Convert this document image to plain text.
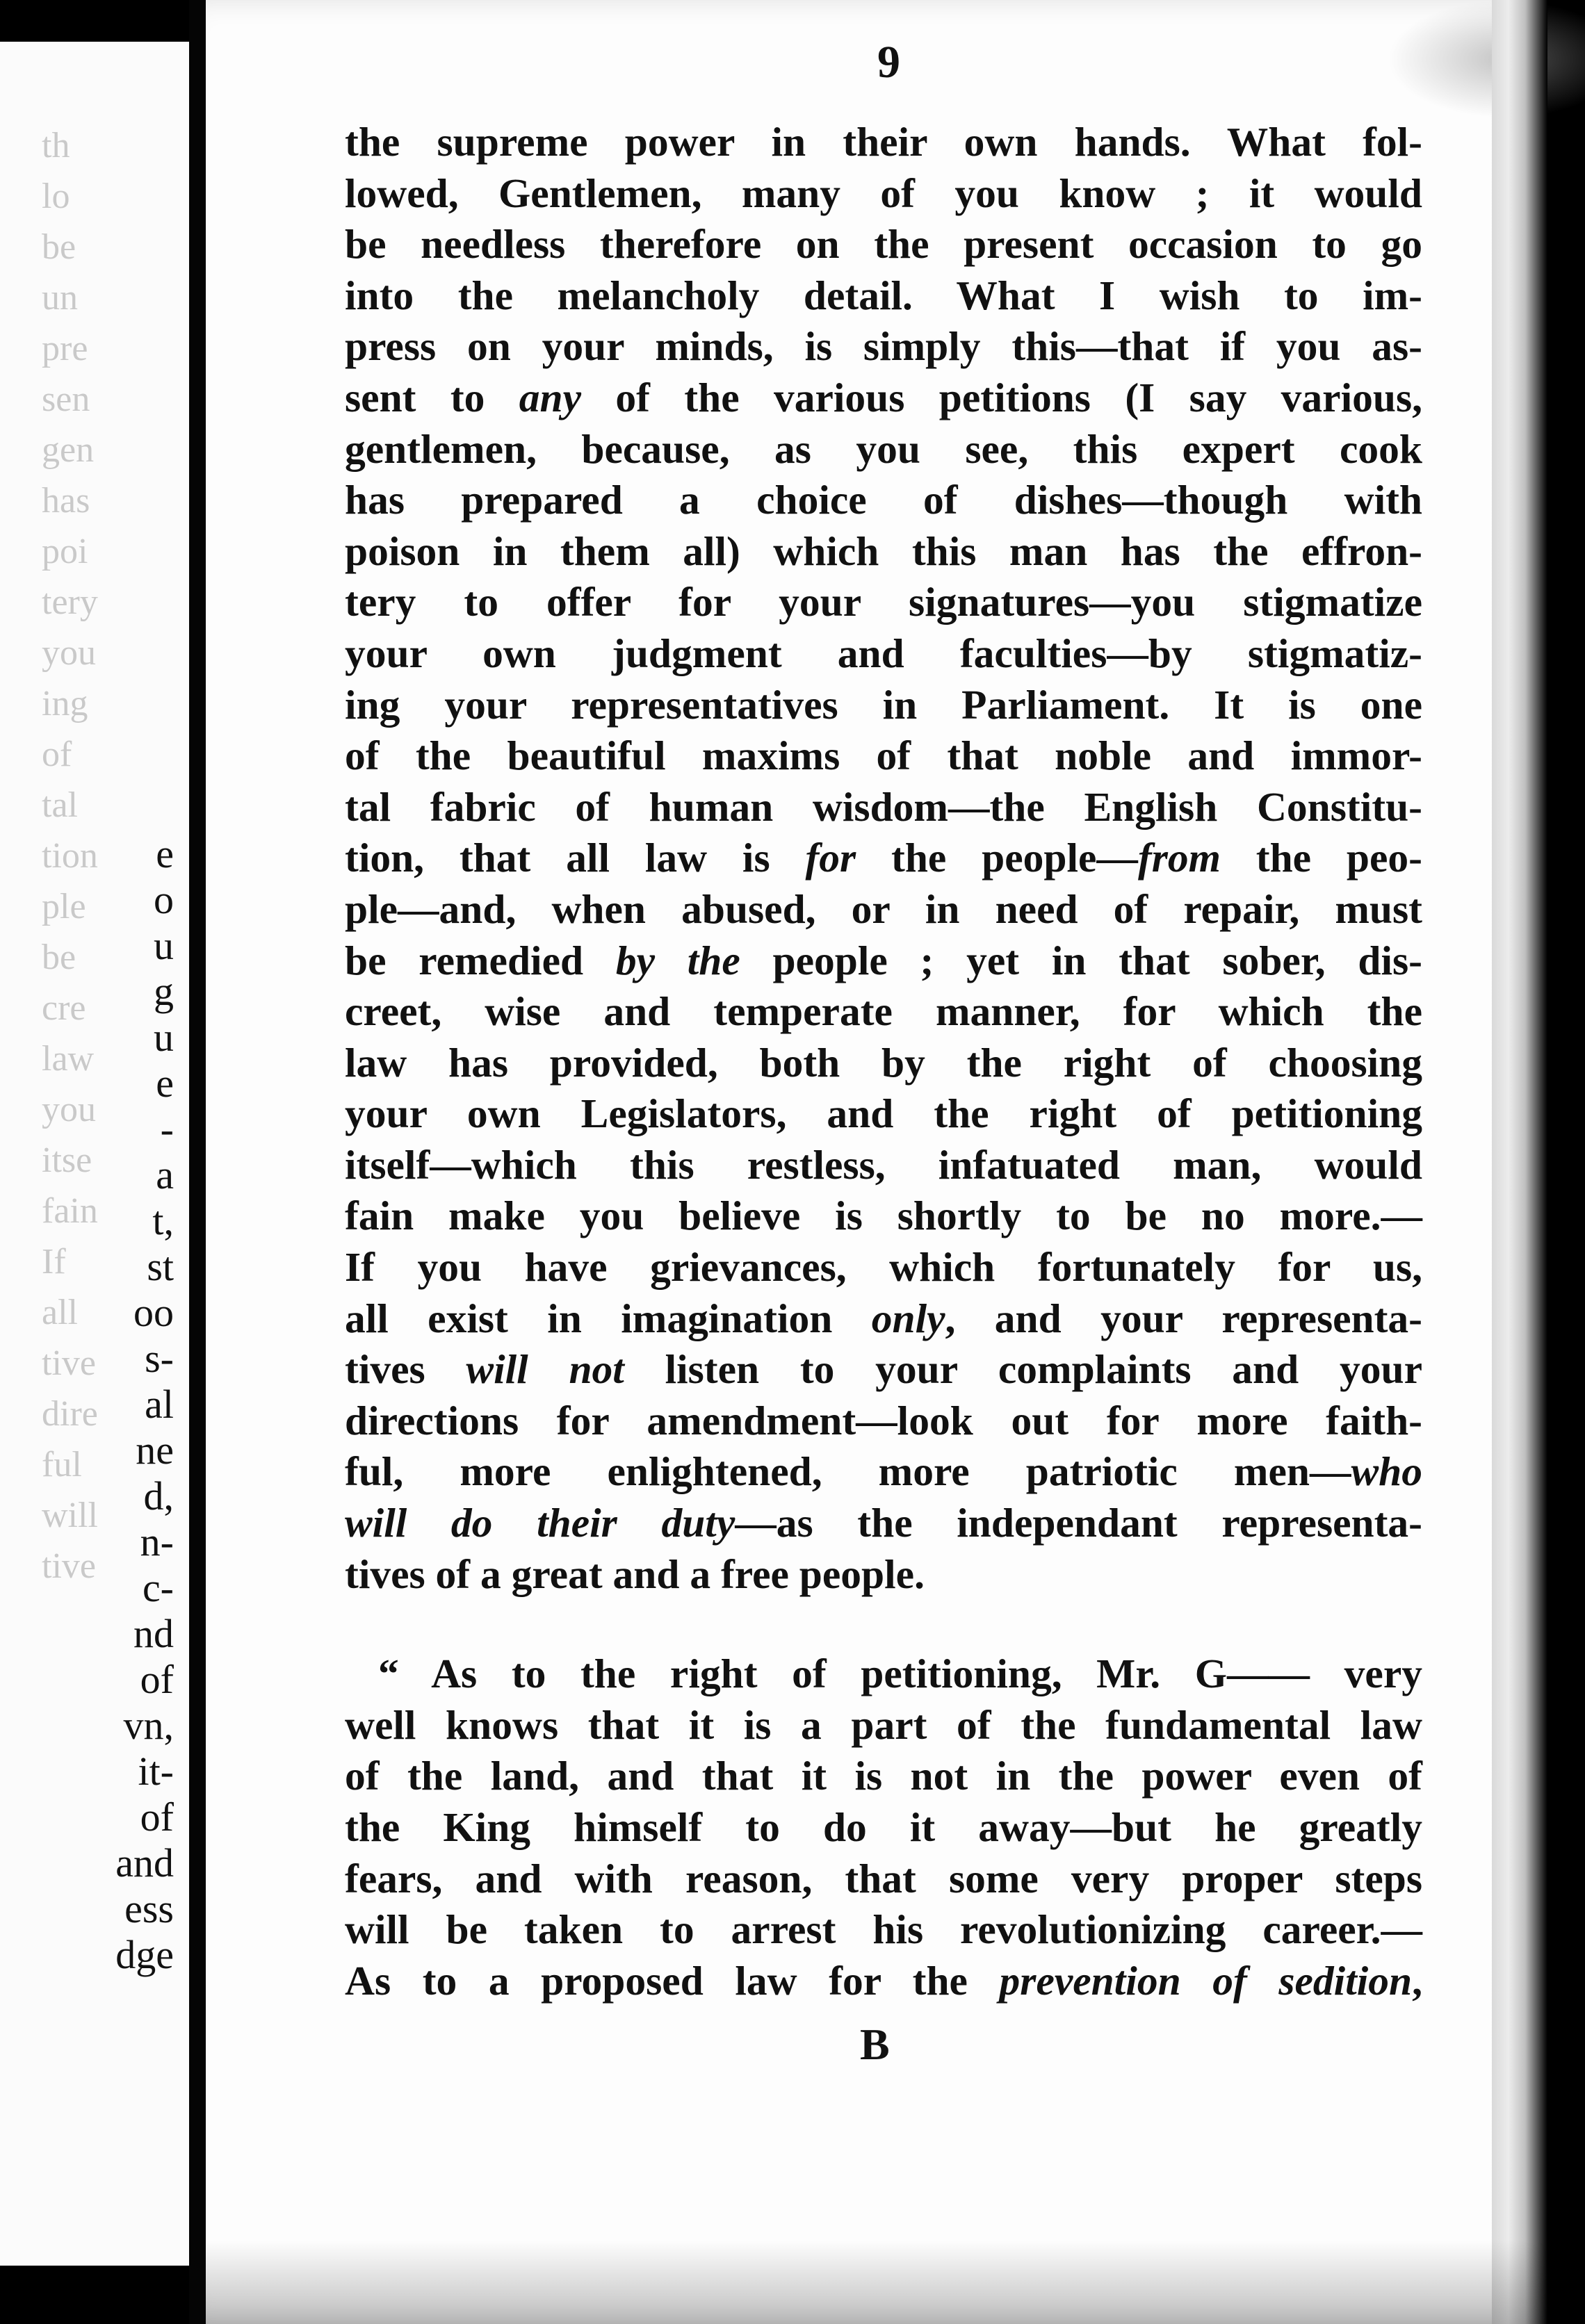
e
o
u
g
u
e
-
a
t,
st
oo
s-
al
ne
d,
n-
c-
nd
of
vn,
it-
of
and
ess
dge
th
lo
be
un
pre
sen
gen
has
poi
tery
you
ing
of
tal
tion
ple
be
cre
law
you
itse
fain
If
all
tive
dire
ful
will
tive
9
the supreme power in their own hands. What fol-
lowed, Gentlemen, many of you know ; it would
be needless therefore on the present occasion to go
into the melancholy detail. What I wish to im-
press on your minds, is simply this—that if you as-
sent to any of the various petitions (I say various,
gentlemen, because, as you see, this expert cook
has prepared a choice of dishes—though with
poison in them all) which this man has the effron-
tery to offer for your signatures—you stigmatize
your own judgment and faculties—by stigmatiz-
ing your representatives in Parliament. It is one
of the beautiful maxims of that noble and immor-
tal fabric of human wisdom—the English Constitu-
tion, that all law is for the people—from the peo-
ple—and, when abused, or in need of repair, must
be remedied by the people ; yet in that sober, dis-
creet, wise and temperate manner, for which the
law has provided, both by the right of choosing
your own Legislators, and the right of petitioning
itself—which this restless, infatuated man, would
fain make you believe is shortly to be no more.—
If you have grievances, which fortunately for us,
all exist in imagination only, and your representa-
tives will not listen to your complaints and your
directions for amendment—look out for more faith-
ful, more enlightened, more patriotic men—who
will do their duty—as the independant representa-
tives of a great and a free people.
“ As to the right of petitioning, Mr. G—— very
well knows that it is a part of the fundamental law
of the land, and that it is not in the power even of
the King himself to do it away—but he greatly
fears, and with reason, that some very proper steps
will be taken to arrest his revolutionizing career.—
As to a proposed law for the prevention of sedition,
B
